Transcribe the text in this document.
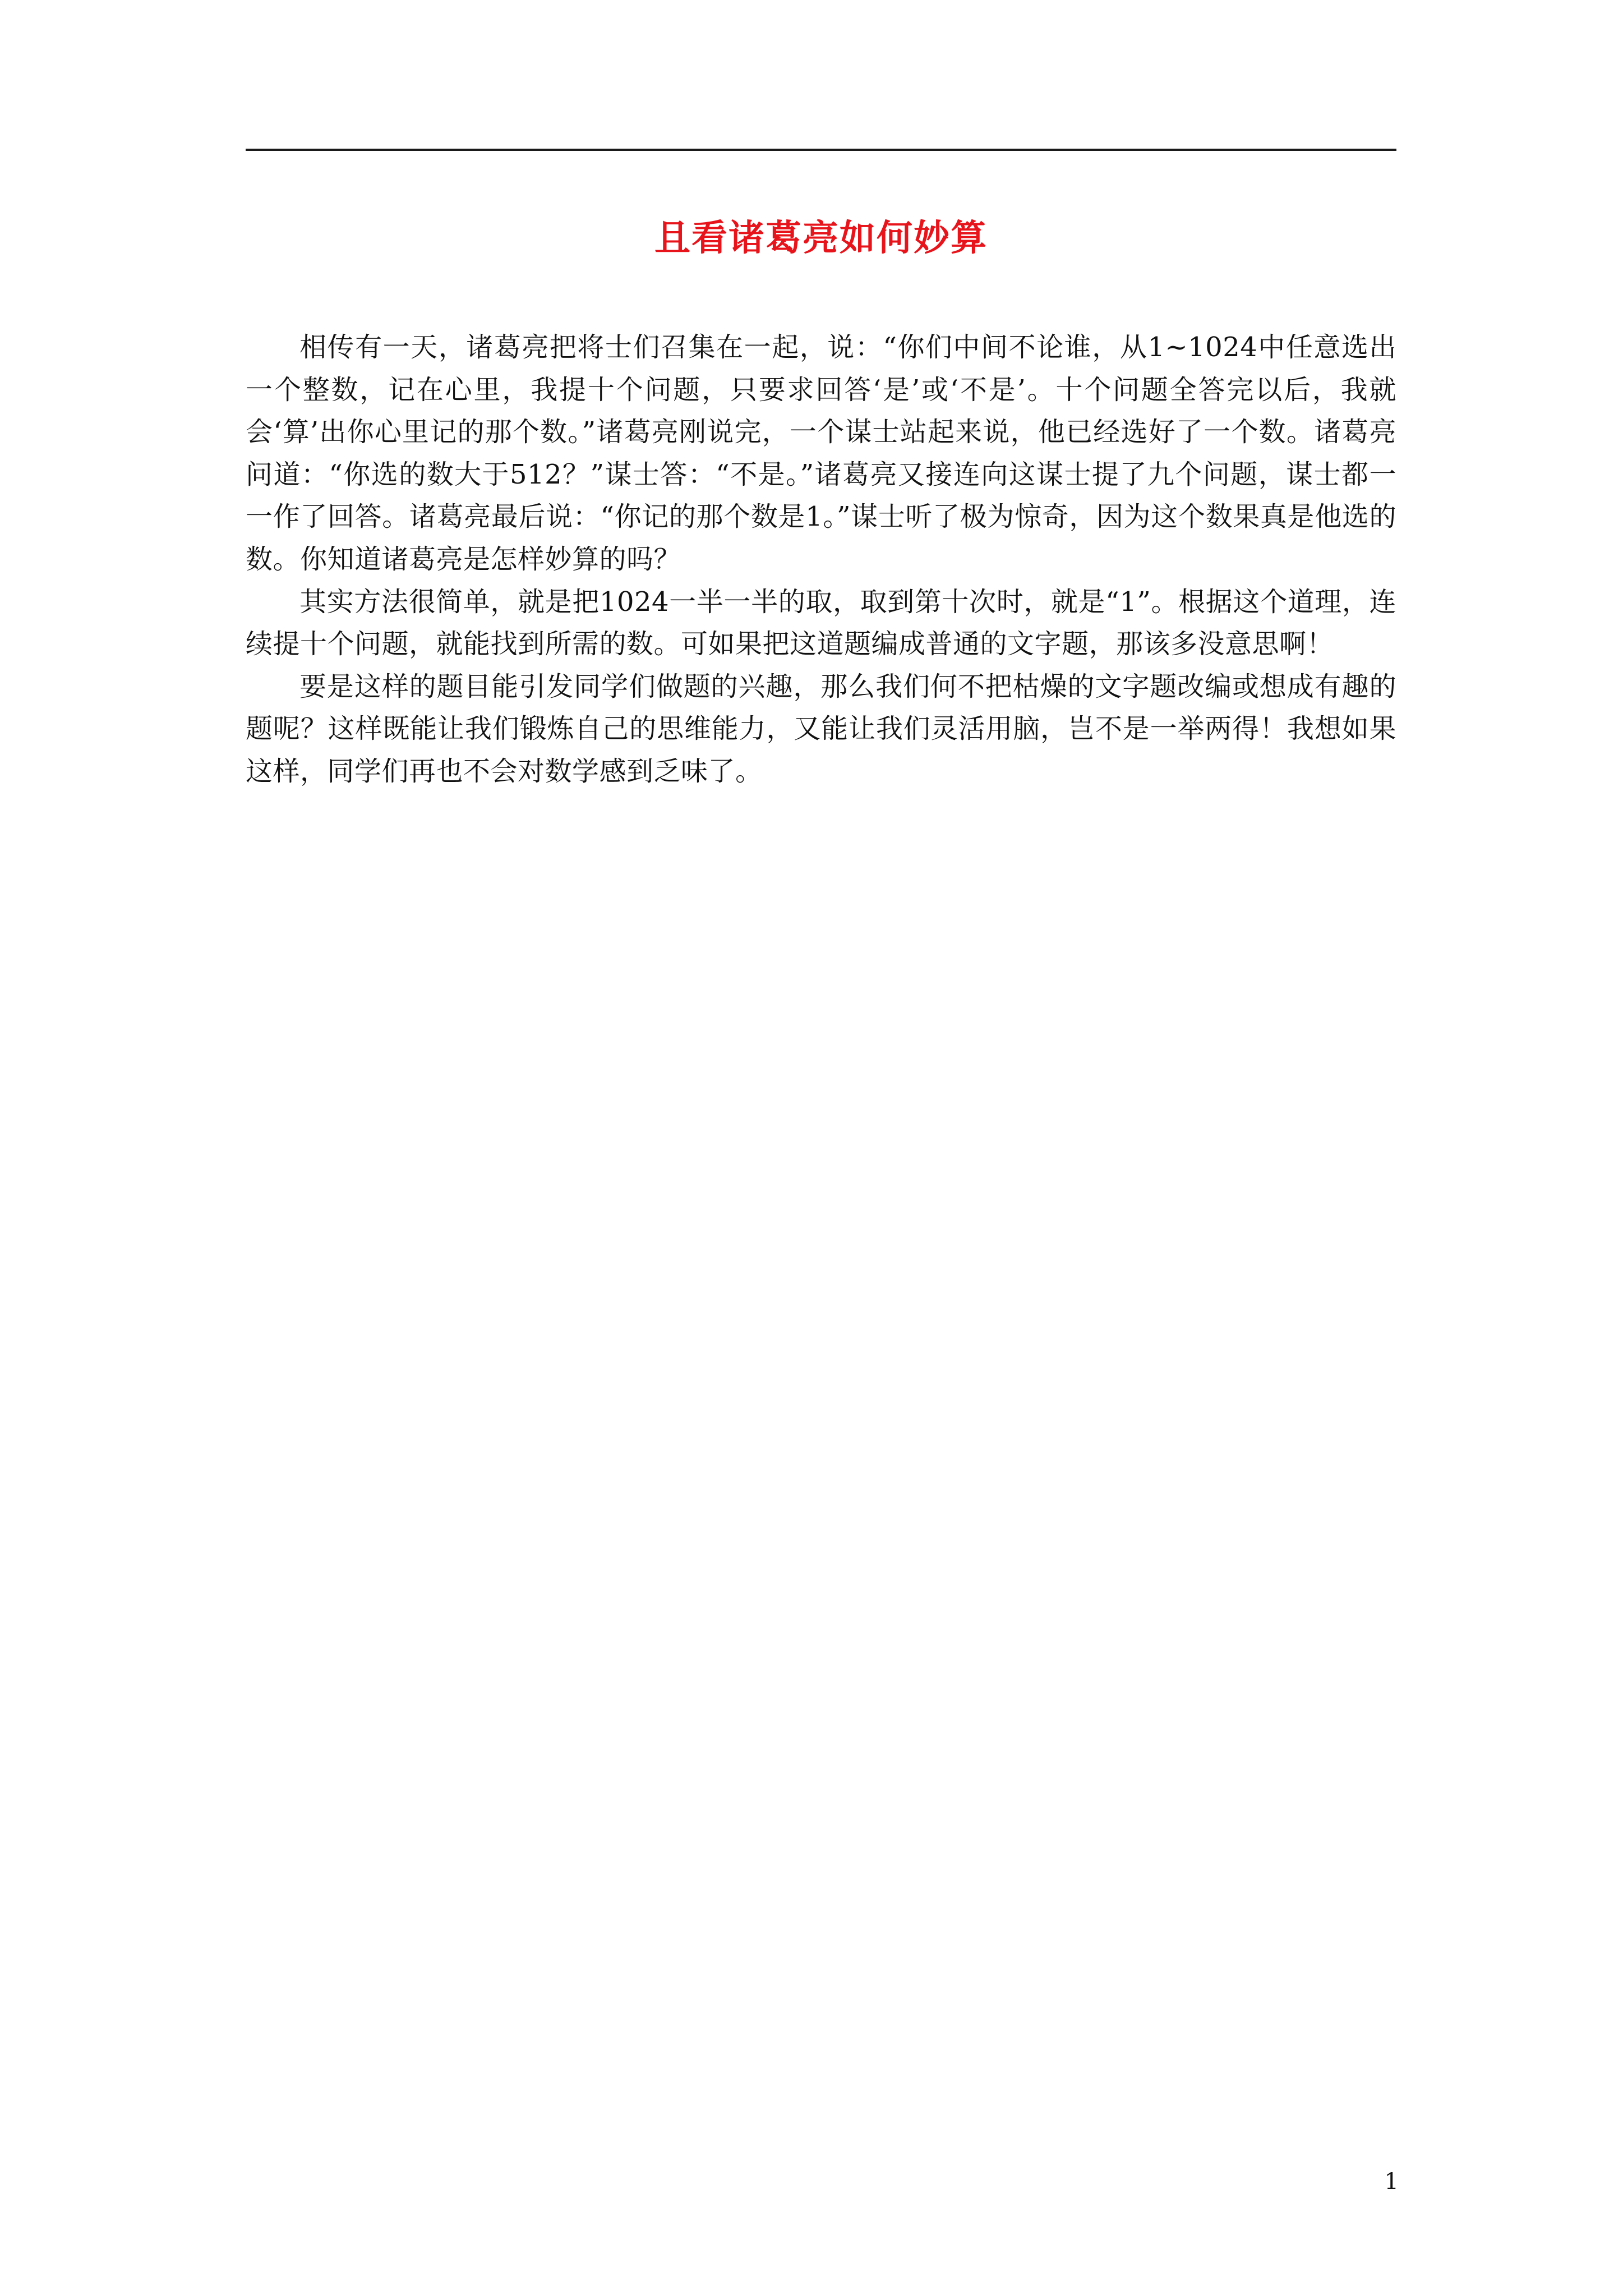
且看诸葛亮如何妙算

相传有一天，诸葛亮把将士们召集在一起，说：“你们中间不论谁，从1~1024中任意选出一个整数，记在心里，我提十个问题，只要求回答‘是’或‘不是’。十个问题全答完以后，我就会‘算’出你心里记的那个数。”诸葛亮刚说完，一个谋士站起来说，他已经选好了一个数。诸葛亮问道：“你选的数大于512？”谋士答：“不是。”诸葛亮又接连向这谋士提了九个问题，谋士都一一作了回答。诸葛亮最后说：“你记的那个数是1。”谋士听了极为惊奇，因为这个数果真是他选的数。你知道诸葛亮是怎样妙算的吗？

其实方法很简单，就是把1024一半一半的取，取到第十次时，就是“1”。根据这个道理，连续提十个问题，就能找到所需的数。可如果把这道题编成普通的文字题，那该多没意思啊！

要是这样的题目能引发同学们做题的兴趣，那么我们何不把枯燥的文字题改编或想成有趣的题呢？这样既能让我们锻炼自己的思维能力，又能让我们灵活用脑，岂不是一举两得！我想如果这样，同学们再也不会对数学感到乏味了。

1
